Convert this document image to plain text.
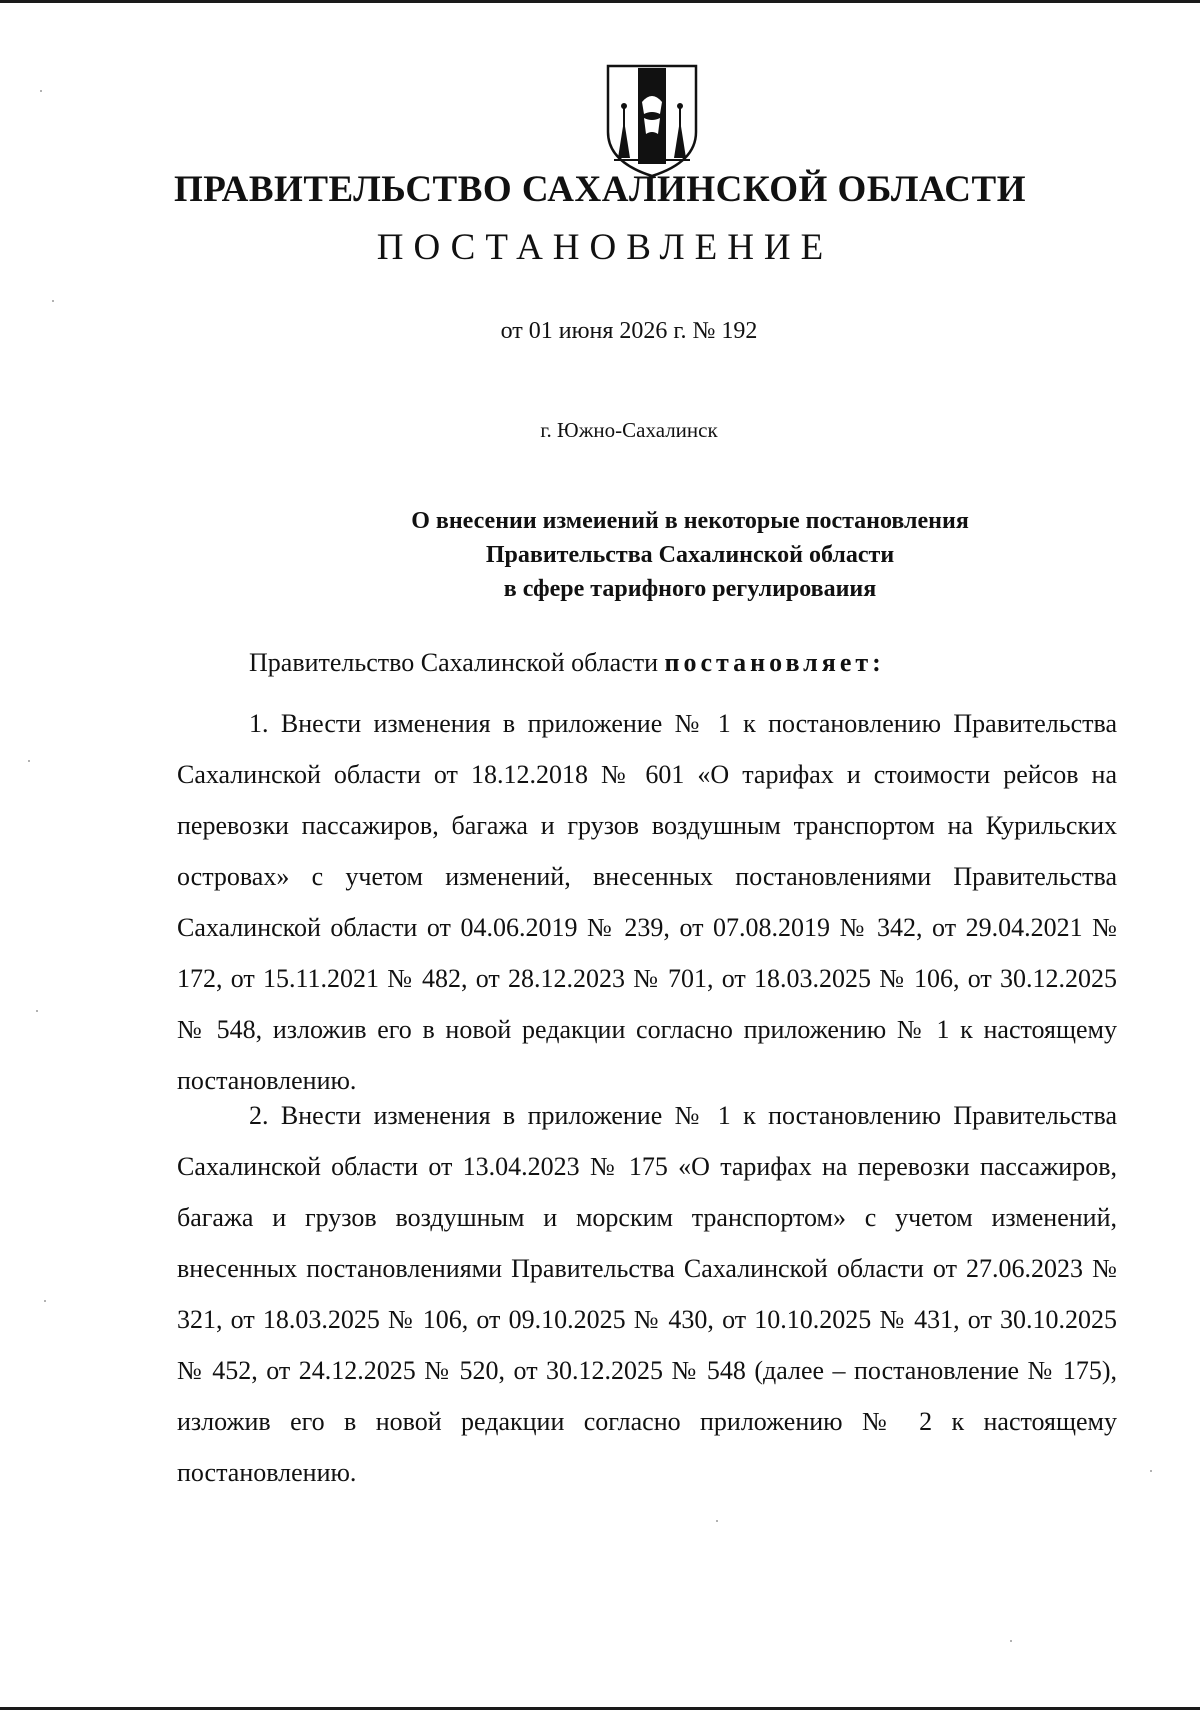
ПРАВИТЕЛЬСТВО САХАЛИНСКОЙ ОБЛАСТИ
ПОСТАНОВЛЕНИЕ
от 01 июня 2026 г. № 192
г. Южно-Сахалинск
О внесении измеиений в некоторые постановления
Правительства Сахалинской области
в сфере тарифного регулироваиия
Правительство Сахалинской области постановляет:
1. Внести изменения в приложение № 1 к постановлению Правительства Сахалинской области от 18.12.2018 № 601 «О тарифах и стоимости рейсов на перевозки пассажиров, багажа и грузов воздушным транспортом на Курильских островах» с учетом изменений, внесенных постановлениями Правительства Сахалинской области от 04.06.2019 № 239, от 07.08.2019 № 342, от 29.04.2021 № 172, от 15.11.2021 № 482, от 28.12.2023 № 701, от 18.03.2025 № 106, от 30.12.2025 № 548, изложив его в новой редакции согласно приложению № 1 к настоящему постановлению.
2. Внести изменения в приложение № 1 к постановлению Правительства Сахалинской области от 13.04.2023 № 175 «О тарифах на перевозки пассажиров, багажа и грузов воздушным и морским транспортом» с учетом изменений, внесенных постановлениями Правительства Сахалинской области от 27.06.2023 № 321, от 18.03.2025 № 106, от 09.10.2025 № 430, от 10.10.2025 № 431, от 30.10.2025 № 452, от 24.12.2025 № 520, от 30.12.2025 № 548 (далее – постановление № 175), изложив его в новой редакции согласно приложению № 2 к настоящему постановлению.
